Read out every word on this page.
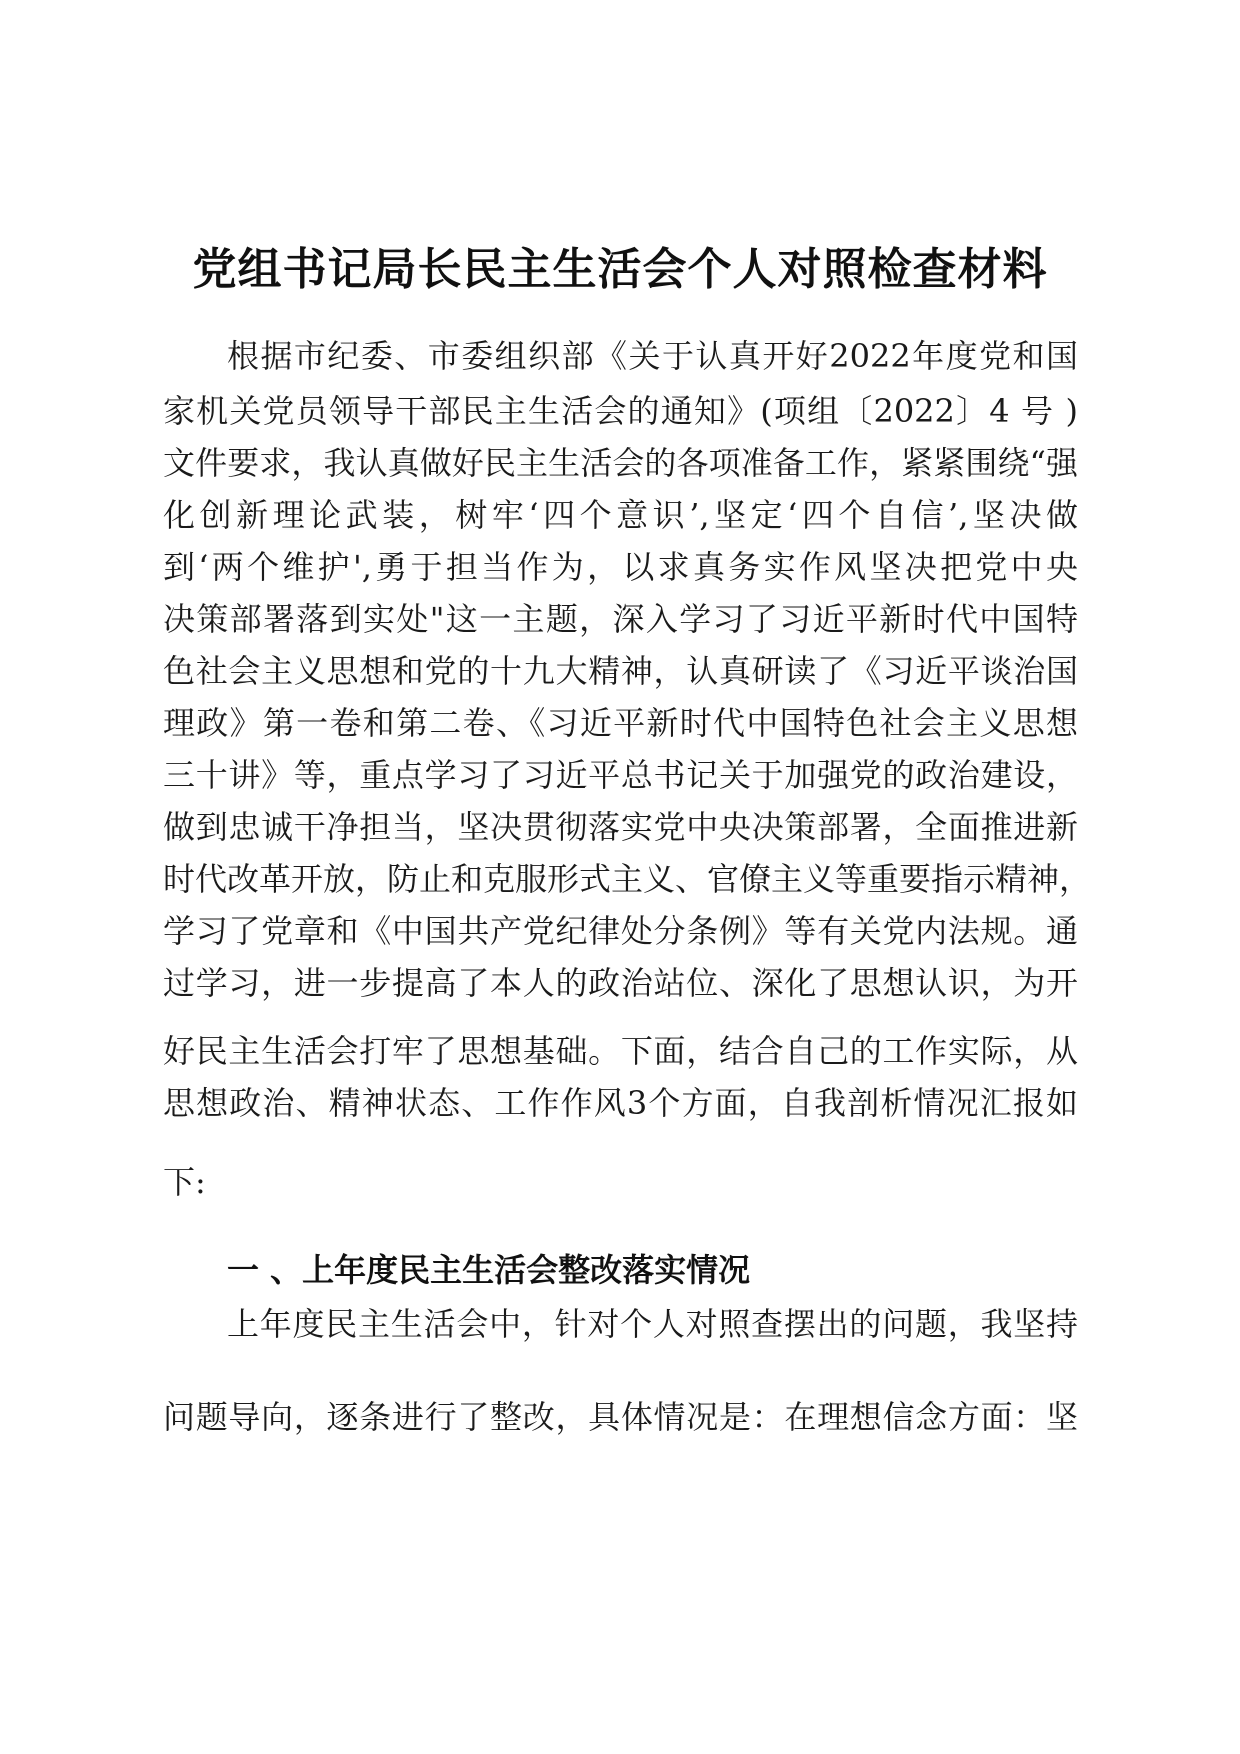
党组书记局长民主生活会个人对照检查材料
根据市纪委、市委组织部《关于认真开好2022年度党和国
家机关党员领导干部民主生活会的通知》(项组〔2022〕4 号 )
文件要求，我认真做好民主生活会的各项准备工作，紧紧围绕“强
化创新理论武装，树牢‘四个意识’,坚定‘四个自信’,坚决做
到‘两个维护',勇于担当作为，以求真务实作风坚决把党中央
决策部署落到实处"这一主题，深入学习了习近平新时代中国特
色社会主义思想和党的十九大精神，认真研读了《习近平谈治国
理政》第一卷和第二卷、《习近平新时代中国特色社会主义思想
三十讲》等，重点学习了习近平总书记关于加强党的政治建设，
做到忠诚干净担当，坚决贯彻落实党中央决策部署，全面推进新
时代改革开放，防止和克服形式主义、官僚主义等重要指示精神，
学习了党章和《中国共产党纪律处分条例》等有关党内法规。通
过学习，进一步提高了本人的政治站位、深化了思想认识，为开
好民主生活会打牢了思想基础。下面，结合自己的工作实际，从
思想政治、精神状态、工作作风3个方面，自我剖析情况汇报如
下:
一 、上年度民主生活会整改落实情况
上年度民主生活会中，针对个人对照查摆出的问题，我坚持
问题导向，逐条进行了整改，具体情况是：在理想信念方面：坚
